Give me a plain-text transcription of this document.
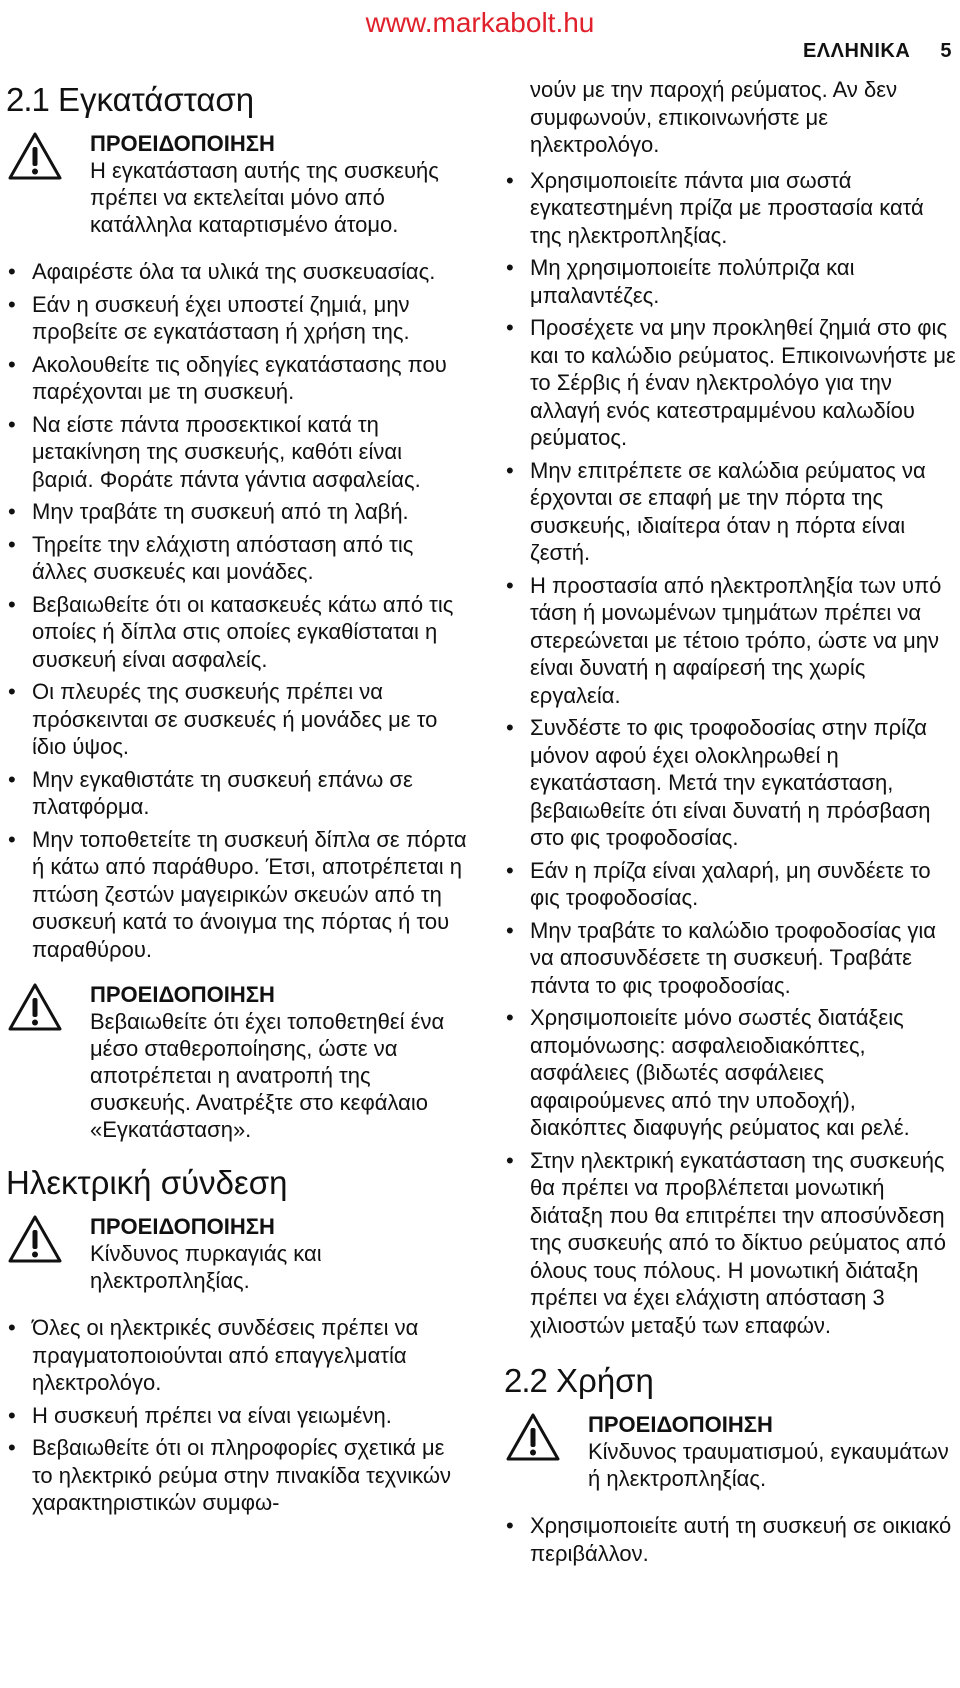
www.markabolt.hu
ΕΛΛΗΝΙΚΑ 5
2.1 Εγκατάσταση
ΠΡΟΕΙΔΟΠΟΙΗΣΗ

Η εγκατάσταση αυτής της συσκευής πρέπει να εκτελείται μόνο από κατάλληλα καταρτισμένο άτομο.

• Αφαιρέστε όλα τα υλικά της συσκευασίας.
• Εάν η συσκευή έχει υποστεί ζημιά, μην προβείτε σε εγκατάσταση ή χρήση της.
• Ακολουθείτε τις οδηγίες εγκατάστασης που παρέχονται με τη συσκευή.
• Να είστε πάντα προσεκτικοί κατά τη μετακίνηση της συσκευής, καθότι είναι βαριά. Φοράτε πάντα γάντια ασφαλείας.
• Μην τραβάτε τη συσκευή από τη λαβή.
• Τηρείτε την ελάχιστη απόσταση από τις άλλες συσκευές και μονάδες.
• Βεβαιωθείτε ότι οι κατασκευές κάτω από τις οποίες ή δίπλα στις οποίες εγκαθίσταται η συσκευή είναι ασφαλείς.
• Οι πλευρές της συσκευής πρέπει να πρόσκεινται σε συσκευές ή μονάδες με το ίδιο ύψος.
• Μην εγκαθιστάτε τη συσκευή επάνω σε πλατφόρμα.
• Μην τοποθετείτε τη συσκευή δίπλα σε πόρτα ή κάτω από παράθυρο. Έτσι, αποτρέπεται η πτώση ζεστών μαγειρικών σκευών από τη συσκευή κατά το άνοιγμα της πόρτας ή του παραθύρου.
ΠΡΟΕΙΔΟΠΟΙΗΣΗ

Βεβαιωθείτε ότι έχει τοποθετηθεί ένα μέσο σταθεροποίησης, ώστε να αποτρέπεται η ανατροπή της συσκευής. Ανατρέξτε στο κεφάλαιο «Εγκατάσταση».

Ηλεκτρική σύνδεση
ΠΡΟΕΙΔΟΠΟΙΗΣΗ

Κίνδυνος πυρκαγιάς και ηλεκτροπληξίας.

• Όλες οι ηλεκτρικές συνδέσεις πρέπει να πραγματοποιούνται από επαγγελματία ηλεκτρολόγο.
• Η συσκευή πρέπει να είναι γειωμένη.
• Βεβαιωθείτε ότι οι πληροφορίες σχετικά με το ηλεκτρικό ρεύμα στην πινακίδα τεχνικών χαρακτηριστικών συμφω-

νούν με την παροχή ρεύματος. Αν δεν συμφωνούν, επικοινωνήστε με ηλεκτρολόγο.

• Χρησιμοποιείτε πάντα μια σωστά εγκατεστημένη πρίζα με προστασία κατά της ηλεκτροπληξίας.
• Μη χρησιμοποιείτε πολύπριζα και μπαλαντέζες.
• Προσέχετε να μην προκληθεί ζημιά στο φις και το καλώδιο ρεύματος. Επικοινωνήστε με το Σέρβις ή έναν ηλεκτρολόγο για την αλλαγή ενός κατεστραμμένου καλωδίου ρεύματος.
• Μην επιτρέπετε σε καλώδια ρεύματος να έρχονται σε επαφή με την πόρτα της συσκευής, ιδιαίτερα όταν η πόρτα είναι ζεστή.
• Η προστασία από ηλεκτροπληξία των υπό τάση ή μονωμένων τμημάτων πρέπει να στερεώνεται με τέτοιο τρόπο, ώστε να μην είναι δυνατή η αφαίρεσή της χωρίς εργαλεία.
• Συνδέστε το φις τροφοδοσίας στην πρίζα μόνον αφού έχει ολοκληρωθεί η εγκατάσταση. Μετά την εγκατάσταση, βεβαιωθείτε ότι είναι δυνατή η πρόσβαση στο φις τροφοδοσίας.
• Εάν η πρίζα είναι χαλαρή, μη συνδέετε το φις τροφοδοσίας.
• Μην τραβάτε το καλώδιο τροφοδοσίας για να αποσυνδέσετε τη συσκευή. Τραβάτε πάντα το φις τροφοδοσίας.
• Χρησιμοποιείτε μόνο σωστές διατάξεις απομόνωσης: ασφαλειοδιακόπτες, ασφάλειες (βιδωτές ασφάλειες αφαιρούμενες από την υποδοχή), διακόπτες διαφυγής ρεύματος και ρελέ.
• Στην ηλεκτρική εγκατάσταση της συσκευής θα πρέπει να προβλέπεται μονωτική διάταξη που θα επιτρέπει την αποσύνδεση της συσκευής από το δίκτυο ρεύματος από όλους τους πόλους. Η μονωτική διάταξη πρέπει να έχει ελάχιστη απόσταση 3 χιλιοστών μεταξύ των επαφών.
2.2 Χρήση
ΠΡΟΕΙΔΟΠΟΙΗΣΗ

Κίνδυνος τραυματισμού, εγκαυμάτων ή ηλεκτροπληξίας.

• Χρησιμοποιείτε αυτή τη συσκευή σε οικιακό περιβάλλον.
